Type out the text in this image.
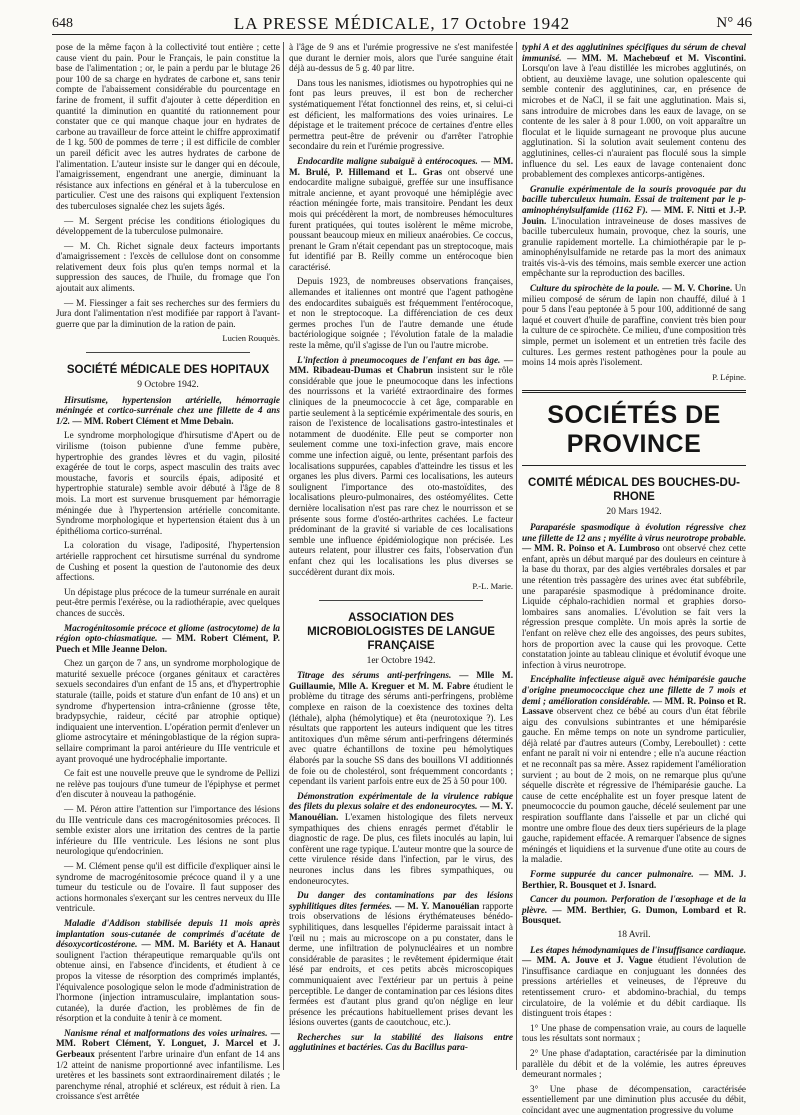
648	LA PRESSE MÉDICALE, 17 Octobre 1942	N° 46

pose de la même façon à la collectivité tout entière ; cette cause vient du pain. Pour le Français, le pain constitue la base de l'alimentation ; or, le pain a perdu par le blutage 26 pour 100 de sa charge en hydrates de carbone et, sans tenir compte de l'abaissement considérable du pourcentage en farine de froment, il suffit d'ajouter à cette déperdition en quantité la diminution en quantité du rationnement pour constater que ce qui manque chaque jour en hydrates de carbone au travailleur de force atteint le chiffre approximatif de 1 kg. 500 de pommes de terre ; il est difficile de combler un pareil déficit avec les autres hydrates de carbone de l'alimentation. L'auteur insiste sur le danger qui en découle, l'amaigrissement, engendrant une anergie, diminuant la résistance aux infections en général et à la tuberculose en particulier. C'est une des raisons qui expliquent l'extension des tuberculoses signalée chez les sujets âgés.

— M. Sergent précise les conditions étiologiques du développement de la tuberculose pulmonaire.

— M. Ch. Richet signale deux facteurs importants d'amaigrissement : l'excès de cellulose dont on consomme relativement deux fois plus qu'en temps normal et la suppression des sauces, de l'huile, du fromage que l'on ajoutait aux aliments.

— M. Fiessinger a fait ses recherches sur des fermiers du Jura dont l'alimentation n'est modifiée par rapport à l'avant-guerre que par la diminution de la ration de pain.

Lucien Rouquès.

SOCIÉTÉ MÉDICALE DES HOPITAUX

9 Octobre 1942.

Hirsutisme, hypertension artérielle, hémorragie méningée et cortico-surrénale chez une fillette de 4 ans 1/2. — MM. Robert Clément et Mme Debain.

Le syndrome morphologique d'hirsutisme d'Apert ou de virilisme (toison pubienne d'une femme pubère, hypertrophie des grandes lèvres et du vagin, pilosité exagérée de tout le corps, aspect masculin des traits avec moustache, favoris et sourcils épais, adiposité et hypertrophie staturale) semble avoir débuté à l'âge de 8 mois. La mort est survenue brusquement par hémorragie méningée due à l'hypertension artérielle concomitante. Syndrome morphologique et hypertension étaient dus à un épithélioma cortico-surrénal.

La coloration du visage, l'adiposité, l'hypertension artérielle rapprochent cet hirsutisme surrénal du syndrome de Cushing et posent la question de l'autonomie des deux affections.

Un dépistage plus précoce de la tumeur surrénale en aurait peut-être permis l'exérèse, ou la radiothérapie, avec quelques chances de succès.

Macrogénitosomie précoce et gliome (astrocytome) de la région opto-chiasmatique. — MM. Robert Clément, P. Puech et Mlle Jeanne Delon.

Chez un garçon de 7 ans, un syndrome morphologique de maturité sexuelle précoce (organes génitaux et caractères sexuels secondaires d'un enfant de 15 ans, et d'hypertrophie staturale (taille, poids et stature d'un enfant de 10 ans) et un syndrome d'hypertension intra-crânienne (grosse tête, bradypsychie, raideur, cécité par atrophie optique) indiquaient une intervention. L'opération permit d'enlever un gliome astrocytaire et méningoblastique de la région supra-sellaire comprimant la paroi antérieure du IIIe ventricule et ayant provoqué une hydrocéphalie importante.

Ce fait est une nouvelle preuve que le syndrome de Pellizi ne relève pas toujours d'une tumeur de l'épiphyse et permet d'en discuter à nouveau la pathogénie.

— M. Péron attire l'attention sur l'importance des lésions du IIIe ventricule dans ces macrogénitosomies précoces. Il semble exister alors une irritation des centres de la partie inférieure du IIIe ventricule. Les lésions ne sont plus neurologique qu'endocrinien.

— M. Clément pense qu'il est difficile d'expliquer ainsi le syndrome de macrogénitosomie précoce quand il y a une tumeur du testicule ou de l'ovaire. Il faut supposer des actions hormonales s'exerçant sur les centres nerveux du IIIe ventricule.

Maladie d'Addison stabilisée depuis 11 mois après implantation sous-cutanée de comprimés d'acétate de désoxycorticostérone. — MM. M. Bariéty et A. Hanaut soulignent l'action thérapeutique remarquable qu'ils ont obtenue ainsi, en l'absence d'incidents, et étudient à ce propos la vitesse de résorption des comprimés implantés, l'équivalence posologique selon le mode d'administration de l'hormone (injection intramusculaire, implantation sous-cutanée), la durée d'action, les problèmes de fin de résorption et la conduite à tenir à ce moment.

Nanisme rénal et malformations des voies urinaires. — MM. Robert Clément, Y. Longuet, J. Marcel et J. Gerbeaux présentent l'arbre urinaire d'un enfant de 14 ans 1/2 atteint de nanisme proportionné avec infantilisme. Les uretères et les bassinets sont extraordinairement dilatés ; le parenchyme rénal, atrophié et scléreux, est réduit à rien. La croissance s'est arrêtée

à l'âge de 9 ans et l'urémie progressive ne s'est manifestée que durant le dernier mois, alors que l'urée sanguine était déjà au-dessus de 5 g. 40 par litre.

Dans tous les nanismes, idiotismes ou hypotrophies qui ne font pas leurs preuves, il est bon de rechercher systématiquement l'état fonctionnel des reins, et, si celui-ci est déficient, les malformations des voies urinaires. Le dépistage et le traitement précoce de certaines d'entre elles permettra peut-être de prévenir ou d'arrêter l'atrophie secondaire du rein et l'urémie progressive.

Endocardite maligne subaiguë à entérocoques. — MM. M. Brulé, P. Hillemand et L. Gras ont observé une endocardite maligne subaiguë, greffée sur une insuffisance mitrale ancienne, et ayant provoqué une hémiplégie avec réaction méningée forte, mais transitoire. Pendant les deux mois qui précédèrent la mort, de nombreuses hémocultures furent pratiquées, qui toutes isolèrent le même microbe, poussant beaucoup mieux en milieux anaérobies. Ce coccus, prenant le Gram n'était cependant pas un streptocoque, mais fut identifié par B. Reilly comme un entérocoque bien caractérisé.

Depuis 1923, de nombreuses observations françaises, allemandes et italiennes ont montré que l'agent pathogène des endocardites subaiguës est fréquemment l'entérocoque, et non le streptocoque. La différenciation de ces deux germes proches l'un de l'autre demande une étude bactériologique soignée ; l'évolution fatale de la maladie reste la même, qu'il s'agisse de l'un ou l'autre microbe.

L'infection à pneumocoques de l'enfant en bas âge. — MM. Ribadeau-Dumas et Chabrun insistent sur le rôle considérable que joue le pneumocoque dans les infections des nourrissons et la variété extraordinaire des formes cliniques de la pneumococcie à cet âge, comparable en partie seulement à la septicémie expérimentale des souris, en raison de l'existence de localisations gastro-intestinales et notamment de duodénite. Elle peut se comporter non seulement comme une toxi-infection grave, mais encore comme une infection aiguë, ou lente, présentant parfois des localisations suppurées, capables d'atteindre les tissus et les organes les plus divers. Parmi ces localisations, les auteurs soulignent l'importance des oto-mastoïdites, des localisations pleuro-pulmonaires, des ostéomyélites. Cette dernière localisation n'est pas rare chez le nourrisson et se présente sous forme d'ostéo-arthrites cachées. Le facteur prédominant de la gravité si variable de ces localisations semble une influence épidémiologique non précisée. Les auteurs relatent, pour illustrer ces faits, l'observation d'un enfant chez qui les localisations les plus diverses se succédèrent durant dix mois.

P.-L. Marie.

ASSOCIATION DES MICROBIOLOGISTES DE LANGUE FRANÇAISE

1er Octobre 1942.

Titrage des sérums anti-perfringens. — Mlle M. Guillaumie, Mlle A. Kreguer et M. M. Fabre étudient le problème du titrage des sérums anti-perfringens, problème complexe en raison de la coexistence des toxines delta (léthale), alpha (hémolytique) et êta (neurotoxique ?). Les résultats que rapportent les auteurs indiquent que les titres antitoxiques d'un même sérum anti-perfringens déterminés avec quatre échantillons de toxine peu hémolytiques élaborés par la souche SS dans des bouillons VI additionnés de foie ou de cholestérol, sont fréquemment concordants ; cependant ils varient parfois entre eux de 25 à 50 pour 100.

Démonstration expérimentale de la virulence rabique des filets du plexus solaire et des endoneurocytes. — M. Y. Manouélian. L'examen histologique des filets nerveux sympathiques des chiens enragés permet d'établir le diagnostic de rage. De plus, ces filets inoculés au lapin, lui confèrent une rage typique. L'auteur montre que la source de cette virulence réside dans l'infection, par le virus, des neurones inclus dans les fibres sympathiques, ou endoneurocytes.

Du danger des contaminations par des lésions syphilitiques dites fermées. — M. Y. Manouélian rapporte trois observations de lésions érythémateuses bénédo-syphilitiques, dans lesquelles l'épiderme paraissait intact à l'œil nu ; mais au microscope on a pu constater, dans le derme, une infiltration de polynucléaires et un nombre considérable de parasites ; le revêtement épidermique était lésé par endroits, et ces petits abcès microscopiques communiquaient avec l'extérieur par un pertuis à peine perceptible. Le danger de contamination par ces lésions dites fermées est d'autant plus grand qu'on néglige en leur présence les précautions habituellement prises devant les lésions ouvertes (gants de caoutchouc, etc.).

Recherches sur la stabilité des liaisons entre agglutinines et bactéries. Cas du Bacillus para-

typhi A et des agglutinines spécifiques du sérum de cheval immunisé. — MM. M. Machebœuf et M. Viscontini. Lorsqu'on lave à l'eau distillée les microbes agglutinés, on obtient, au deuxième lavage, une solution opalescente qui semble contenir des agglutinines, car, en présence de microbes et de NaCl, il se fait une agglutination. Mais si, sans introduire de microbes dans les eaux de lavage, on se contente de les saler à 8 pour 1.000, on voit apparaître un floculat et le liquide surnageant ne provoque plus aucune agglutination. Si la solution avait seulement contenu des agglutinines, celles-ci n'auraient pas floculé sous la simple influence du sel. Les eaux de lavage contenaient donc probablement des complexes anticorps-antigènes.

Granulie expérimentale de la souris provoquée par du bacille tuberculeux humain. Essai de traitement par le p-aminophénylsulfamide (1162 F). — MM. F. Nitti et J.-P. Jouin. L'inoculation intraveineuse de doses massives de bacille tuberculeux humain, provoque, chez la souris, une granulie rapidement mortelle. La chimiothérapie par le p-aminophénylsulfamide ne retarde pas la mort des animaux traités vis-à-vis des témoins, mais semble exercer une action empêchante sur la reproduction des bacilles.

Culture du spirochète de la poule. — M. V. Chorine. Un milieu composé de sérum de lapin non chauffé, dilué à 1 pour 5 dans l'eau peptonée à 5 pour 100, additionné de sang laqué et couvert d'huile de paraffine, convient très bien pour la culture de ce spirochète. Ce milieu, d'une composition très simple, permet un isolement et un entretien très facile des cultures. Les germes restent pathogènes pour la poule au moins 14 mois après l'isolement.

P. Lépine.

SOCIÉTÉS DE PROVINCE
COMITÉ MÉDICAL DES BOUCHES-DU-RHONE

20 Mars 1942.

Paraparésie spasmodique à évolution régressive chez une fillette de 12 ans ; myélite à virus neurotrope probable. — MM. R. Poinso et A. Lumbroso ont observé chez cette enfant, après un début marqué par des douleurs en ceinture à la base du thorax, par des algies vertébrales dorsales et par une rétention très passagère des urines avec état subfébrile, une paraparésie spasmodique à prédominance droite. Liquide céphalo-rachidien normal et graphies dorso-lombaires sans anomalies. L'évolution se fait vers la régression presque complète. Un mois après la sortie de l'enfant on relève chez elle des angoisses, des peurs subites, hors de proportion avec la cause qui les provoque. Cette constatation jointe au tableau clinique et évolutif évoque une infection à virus neurotrope.

Encéphalite infectieuse aiguë avec hémiparésie gauche d'origine pneumococcique chez une fillette de 7 mois et demi ; amélioration considérable. — MM. R. Poinso et R. Lassave observent chez ce bébé au cours d'un état fébrile aigu des convulsions subintrantes et une hémiparésie gauche. En même temps on note un syndrome particulier, déjà relaté par d'autres auteurs (Comby, Lereboullet) : cette enfant ne paraît ni voir ni entendre ; elle n'a aucune réaction et ne reconnaît pas sa mère. Assez rapidement l'amélioration survient ; au bout de 2 mois, on ne remarque plus qu'une séquelle discrète et régressive de l'hémiparésie gauche. La cause de cette encéphalite est un foyer presque latent de pneumococcie du poumon gauche, décelé seulement par une respiration soufflante dans l'aisselle et par un cliché qui montre une ombre floue des deux tiers supérieurs de la plage gauche, rapidement effacée. A remarquer l'absence de signes méningés et liquidiens et la survenue d'une otite au cours de la maladie.

Forme suppurée du cancer pulmonaire. — MM. J. Berthier, R. Bousquet et J. Isnard.

Cancer du poumon. Perforation de l'œsophage et de la plèvre. — MM. Berthier, G. Dumon, Lombard et R. Bousquet.

18 Avril.

Les étapes hémodynamiques de l'insuffisance cardiaque. — MM. A. Jouve et J. Vague étudient l'évolution de l'insuffisance cardiaque en conjuguant les données des pressions artérielles et veineuses, de l'épreuve du retentissement cruro- et abdomino-brachial, du temps circulatoire, de la volémie et du débit cardiaque. Ils distinguent trois étapes :

1° Une phase de compensation vraie, au cours de laquelle tous les résultats sont normaux ;

2° Une phase d'adaptation, caractérisée par la diminution parallèle du débit et de la volémie, les autres épreuves demeurant normales ;

3° Une phase de décompensation, caractérisée essentiellement par une diminution plus accusée du débit, coïncidant avec une augmentation progressive du volume
